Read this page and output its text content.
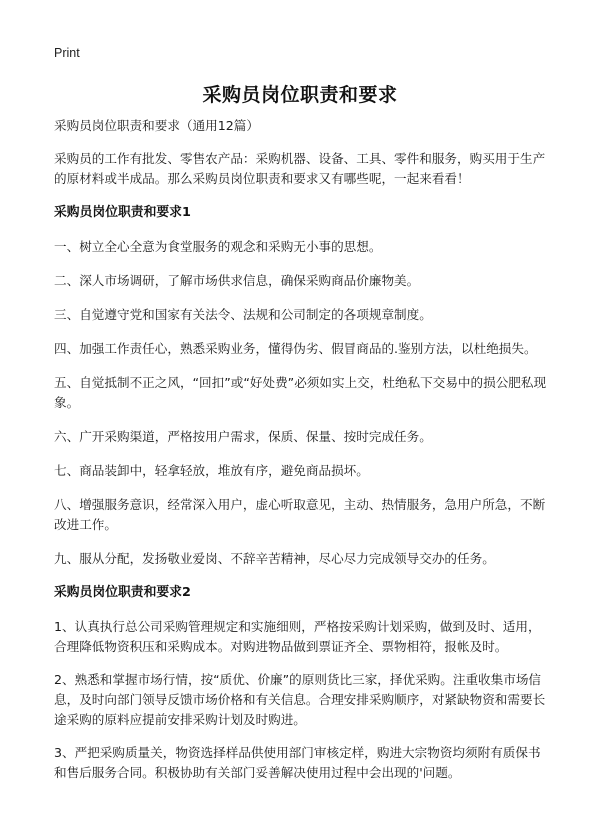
Print
采购员岗位职责和要求

采购员岗位职责和要求（通用12篇）

采购员的工作有批发、零售农产品：采购机器、设备、工具、零件和服务，购买用于生产的原材料或半成品。那么采购员岗位职责和要求又有哪些呢，一起来看看！

采购员岗位职责和要求1

一、树立全心全意为食堂服务的观念和采购无小事的思想。

二、深人市场调研，了解市场供求信息，确保采购商品价廉物美。

三、自觉遵守党和国家有关法令、法规和公司制定的各项规章制度。

四、加强工作责任心，熟悉采购业务，懂得伪劣、假冒商品的.鉴别方法，以杜绝损失。

五、自觉抵制不正之风，“回扣”或“好处费”必须如实上交，杜绝私下交易中的损公肥私现象。

六、广开采购渠道，严格按用户需求，保质、保量、按时完成任务。

七、商品装卸中，轻拿轻放，堆放有序，避免商品损坏。

八、增强服务意识，经常深入用户，虚心听取意见，主动、热情服务，急用户所急，不断改进工作。

九、服从分配，发扬敬业爱岗、不辞辛苦精神，尽心尽力完成领导交办的任务。

采购员岗位职责和要求2

1、认真执行总公司采购管理规定和实施细则，严格按采购计划采购，做到及时、适用，合理降低物资积压和采购成本。对购进物品做到票证齐全、票物相符，报帐及时。

2、熟悉和掌握市场行情，按“质优、价廉”的原则货比三家，择优采购。注重收集市场信息，及时向部门领导反馈市场价格和有关信息。合理安排采购顺序，对紧缺物资和需要长途采购的原料应提前安排采购计划及时购进。

3、严把采购质量关，物资选择样品供使用部门审核定样，购进大宗物资均须附有质保书和售后服务合同。积极协助有关部门妥善解决使用过程中会出现的'问题。
